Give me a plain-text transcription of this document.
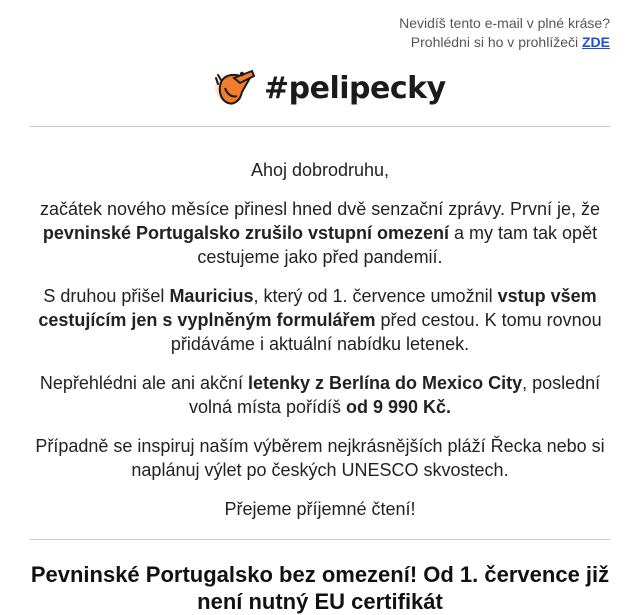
Nevidíš tento e-mail v plné kráse?
Prohlédni si ho v prohlížeči ZDE
#pelipecky

Ahoj dobrodruhu,

začátek nového měsíce přinesl hned dvě senzační zprávy. První je, že pevninské Portugalsko zrušilo vstupní omezení a my tam tak opět cestujeme jako před pandemií.

S druhou přišel Mauricius, který od 1. července umožnil vstup všem cestujícím jen s vyplněným formulářem před cestou. K tomu rovnou přidáváme i aktuální nabídku letenek.

Nepřehlédni ale ani akční letenky z Berlína do Mexico City, poslední volná místa pořídíš od 9 990 Kč.

Případně se inspiruj naším výběrem nejkrásnějších pláží Řecka nebo si naplánuj výlet po českých UNESCO skvostech.

Přejeme příjemné čtení!

Pevninské Portugalsko bez omezení! Od 1. července již není nutný EU certifikát
